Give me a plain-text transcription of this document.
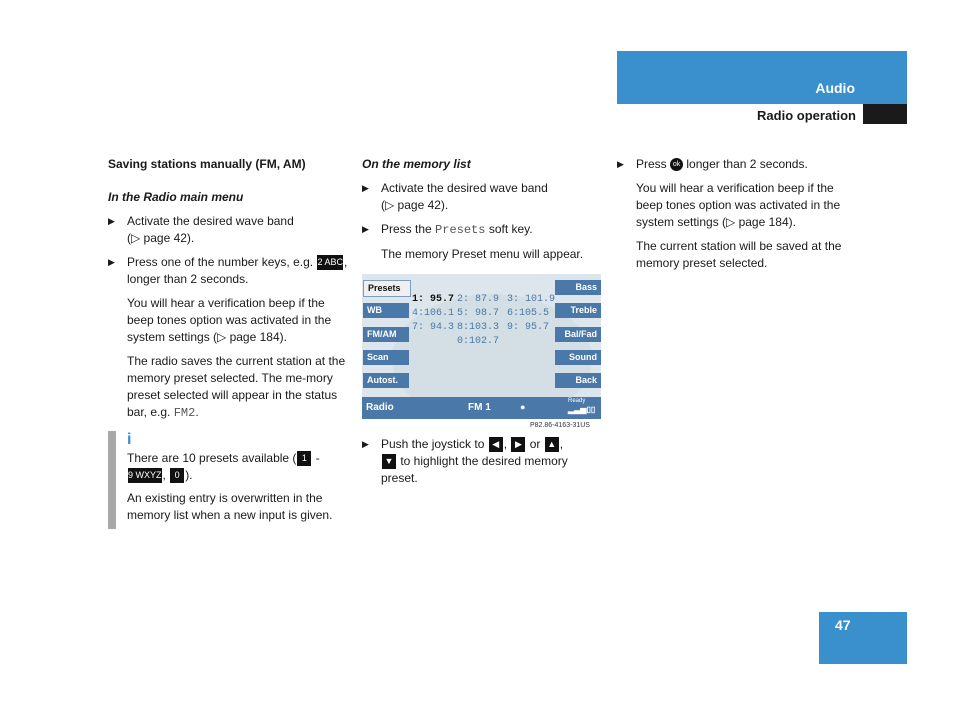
Audio
Radio operation
Saving stations manually (FM, AM)
In the Radio main menu
▶ Activate the desired wave band
(▷ page 42).
▶ Press one of the number keys, e.g. 2 ABC,
longer than 2 seconds.
You will hear a verification beep if the beep tones option was activated in the system settings (▷ page 184).
The radio saves the current station at the memory preset selected. The me-mory preset selected will appear in the status bar, e.g. FM2.
i
There are 10 presets available ( 1 -
9 WXYZ, 0 ).
An existing entry is overwritten in the memory list when a new input is given.
On the memory list
▶ Activate the desired wave band
(▷ page 42).
▶ Press the Presets soft key.
The memory Preset menu will appear.
Presets
WB
FM/AM
Scan
Autost.
Bass
Treble
Bal/Fad
Sound
Back
1: 95.7 2: 87.9 3: 101.9
4:106.1 5: 98.7 6:105.5
7: 94.3 8:103.3 9: 95.7
0:102.7
Radio	FM 1	●
Ready
▂▃▅▯▯
P82.86-4163-31US
▶ Push the joystick to ◀ , ▶ or ▲ ,
▼ to highlight the desired memory preset.
▶ Press ok longer than 2 seconds.
You will hear a verification beep if the beep tones option was activated in the system settings (▷ page 184).
The current station will be saved at the memory preset selected.
47
